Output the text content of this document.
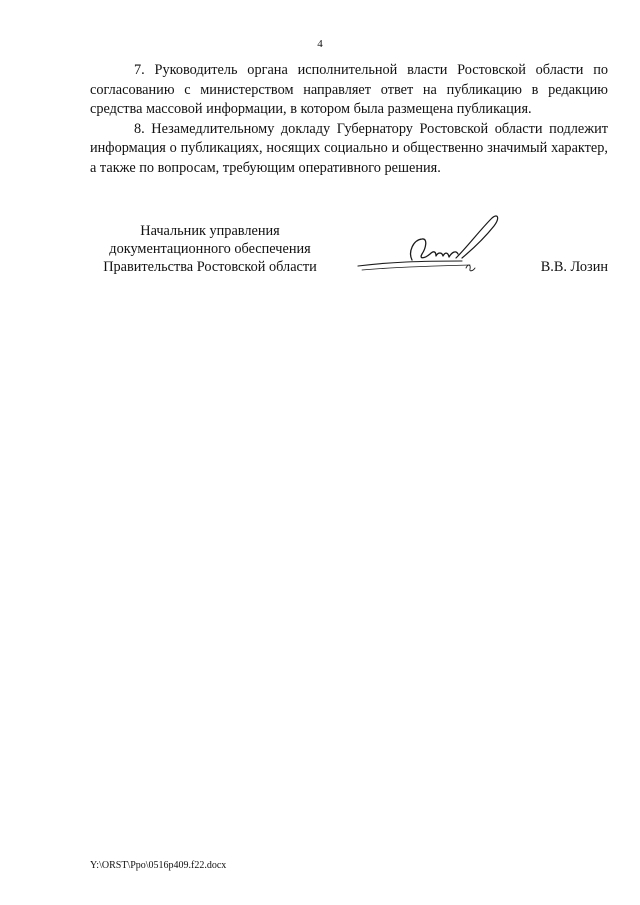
4

7. Руководитель органа исполнительной власти Ростовской области по согласованию с министерством направляет ответ на публикацию в редакцию средства массовой информации, в котором была размещена публикация.

8. Незамедлительному докладу Губернатору Ростовской области подлежит информация о публикациях, носящих социально и общественно значимый характер, а также по вопросам, требующим оперативного решения.

Начальник управления
документационного обеспечения
Правительства Ростовской области	В.В. Лозин
Y:\ORST\Ppo\0516p409.f22.docx
